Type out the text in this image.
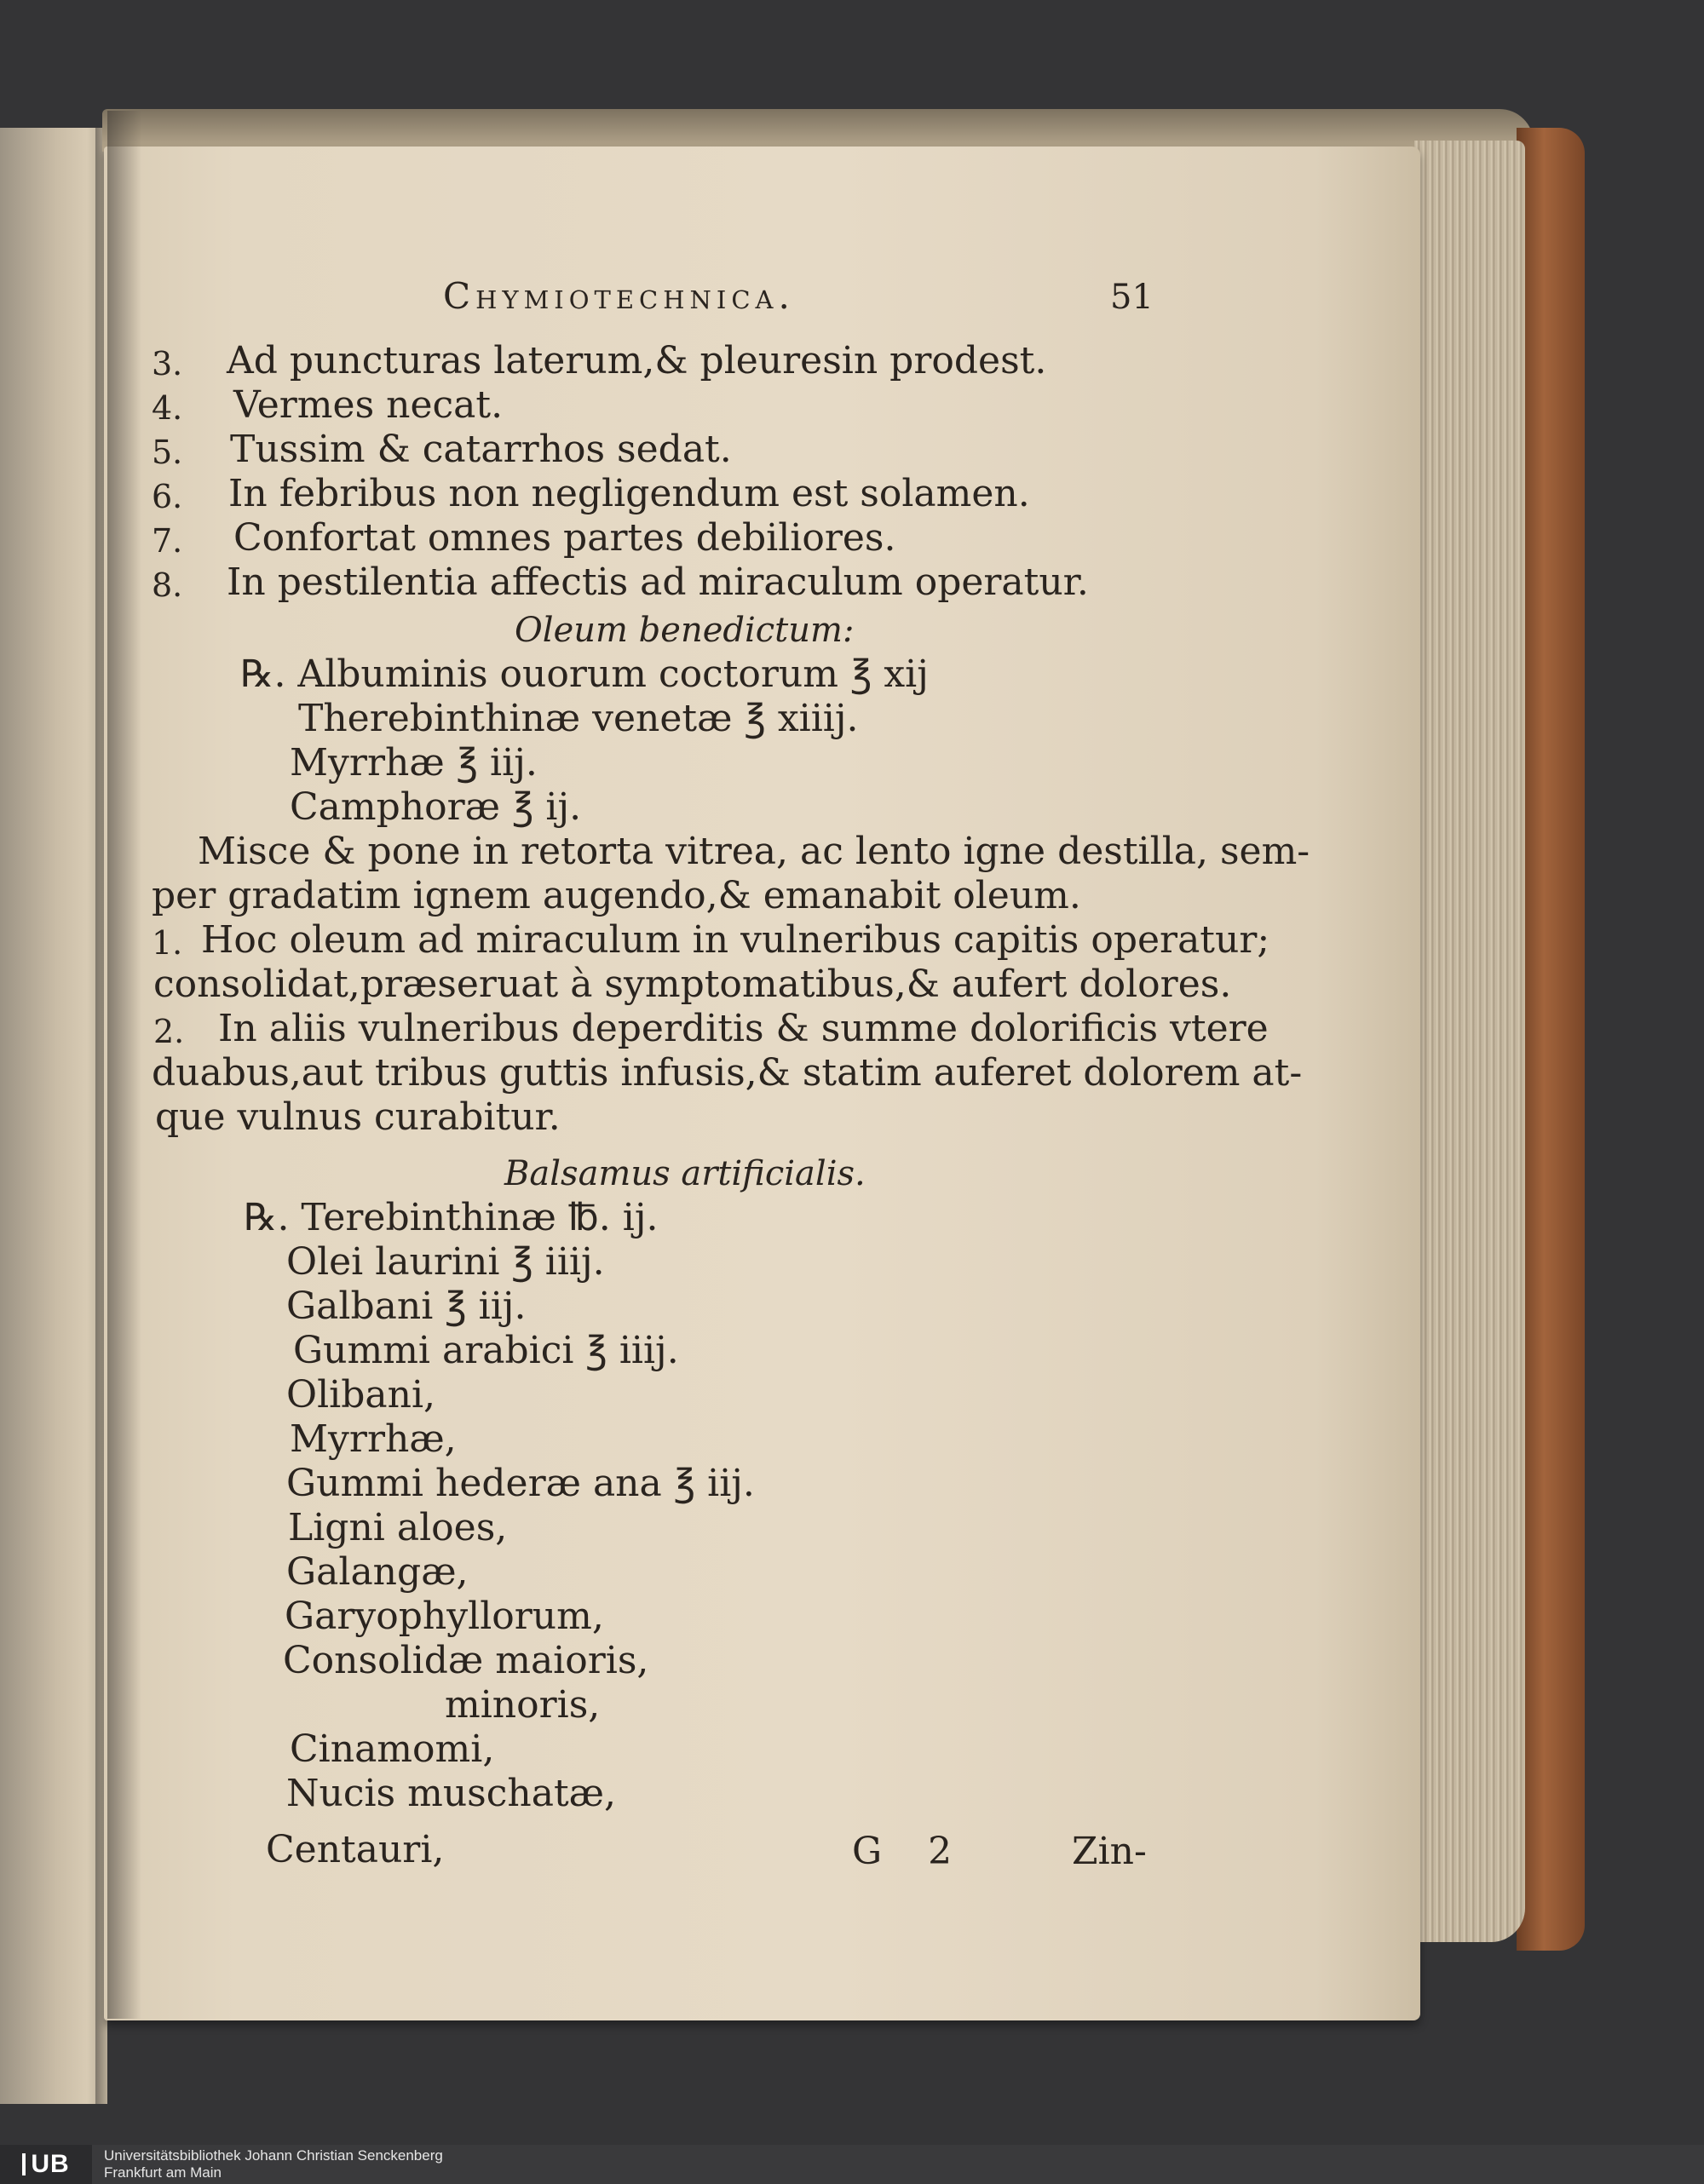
Chymiotechnica.	51
3. Ad puncturas laterum,& pleuresin prodest.
4. Vermes necat.
5. Tussim & catarrhos sedat.
6. In febribus non negligendum est solamen.
7. Confortat omnes partes debiliores.
8. In pestilentia affectis ad miraculum operatur.
Oleum benedictum:
℞. Albuminis ouorum coctorum ℥ xij
Therebinthinæ venetæ ℥ xiiij.
Myrrhæ ℥ iij.
Camphoræ ℥ ij.
Misce & pone in retorta vitrea, ac lento igne destilla, sem-
per gradatim ignem augendo,& emanabit oleum.
1. Hoc oleum ad miraculum in vulneribus capitis operatur;
consolidat,præseruat à symptomatibus,& aufert dolores.
2. In aliis vulneribus deperditis & summe dolorificis vtere
duabus,aut tribus guttis infusis,& statim auferet dolorem at-
que vulnus curabitur.
Balsamus artificialis.
℞. Terebinthinæ ℔. ij.
Olei laurini ℥ iiij.
Galbani ℥ iij.
Gummi arabici ℥ iiij.
Olibani,
Myrrhæ,
Gummi hederæ ana ℥ iij.
Ligni aloes,
Galangæ,
Garyophyllorum,
Consolidæ maioris,
minoris,
Cinamomi,
Nucis muschatæ,
Centauri,	G 2	Zin-
UB Universitätsbibliothek Johann Christian Senckenberg
Frankfurt am Main
